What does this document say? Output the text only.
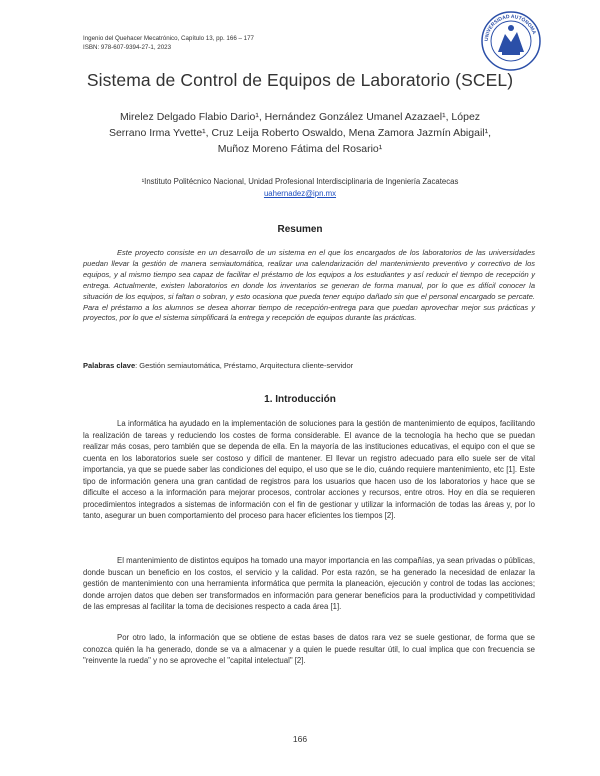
Ingenio del Quehacer Mecatrónico, Capítulo 13, pp. 166 – 177
ISBN: 978-607-9394-27-1, 2023
UNIVERSIDAD AUTÓNOMA
Sistema de Control de Equipos de Laboratorio (SCEL)
Mirelez Delgado Flabio Dario¹, Hernández González Umanel Azazael¹, López
Serrano Irma Yvette¹, Cruz Leija Roberto Oswaldo, Mena Zamora Jazmín Abigail¹,
Muñoz Moreno Fátima del Rosario¹
¹Instituto Politécnico Nacional, Unidad Profesional Interdisciplinaria de Ingeniería Zacatecas
uahernadez@ipn.mx
Resumen

Este proyecto consiste en un desarrollo de un sistema en el que los encargados de los laboratorios de las universidades puedan llevar la gestión de manera semiautomática, realizar una calendarización del mantenimiento preventivo y correctivo de los equipos, y al mismo tiempo sea capaz de facilitar el préstamo de los equipos a los estudiantes y así reducir el tiempo de recepción y entrega. Actualmente, existen laboratorios en donde los inventarios se generan de forma manual, por lo que es difícil conocer la situación de los equipos, si faltan o sobran, y esto ocasiona que pueda tener equipo dañado sin que el personal encargado se percate. Para el préstamo a los alumnos se desea ahorrar tiempo de recepción-entrega para que puedan aprovechar mejor sus prácticas y proyectos, por lo que el sistema simplificará la entrega y recepción de equipos durante las prácticas.

Palabras clave: Gestión semiautomática, Préstamo, Arquitectura cliente-servidor
1. Introducción

La informática ha ayudado en la implementación de soluciones para la gestión de mantenimiento de equipos, facilitando la realización de tareas y reduciendo los costes de forma considerable. El avance de la tecnología ha hecho que se puedan realizar más cosas, pero también que se dependa de ella. En la mayoría de las instituciones educativas, el equipo con el que se cuenta en los laboratorios suele ser costoso y difícil de mantener. El llevar un registro adecuado para ello suele ser de vital importancia, ya que se puede saber las condiciones del equipo, el uso que se le dio, cuándo requiere mantenimiento, etc [1]. Este tipo de información genera una gran cantidad de registros para los usuarios que hacen uso de los laboratorios y hace que se dificulte el acceso a la información para mejorar procesos, controlar acciones y recursos, entre otros. Hoy en día se requieren procedimientos integrados a sistemas de información con el fin de gestionar y utilizar la información de todas las áreas y, por lo tanto, asegurar un buen comportamiento del proceso para hacer eficientes los tiempos [2].

El mantenimiento de distintos equipos ha tomado una mayor importancia en las compañías, ya sean privadas o públicas, donde buscan un beneficio en los costos, el servicio y la calidad. Por esta razón, se ha generado la necesidad de enlazar la gestión de mantenimiento con una herramienta informática que permita la planeación, ejecución y control de todas las acciones; donde arrojen datos que deben ser transformados en información para generar beneficios para la productividad y competitividad de las empresas al facilitar la toma de decisiones respecto a cada área [1].

Por otro lado, la información que se obtiene de estas bases de datos rara vez se suele gestionar, de forma que se conozca quién la ha generado, donde se va a almacenar y a quien le puede resultar útil, lo cual implica que con frecuencia se "reinvente la rueda" y no se aproveche el "capital intelectual" [2].

166
